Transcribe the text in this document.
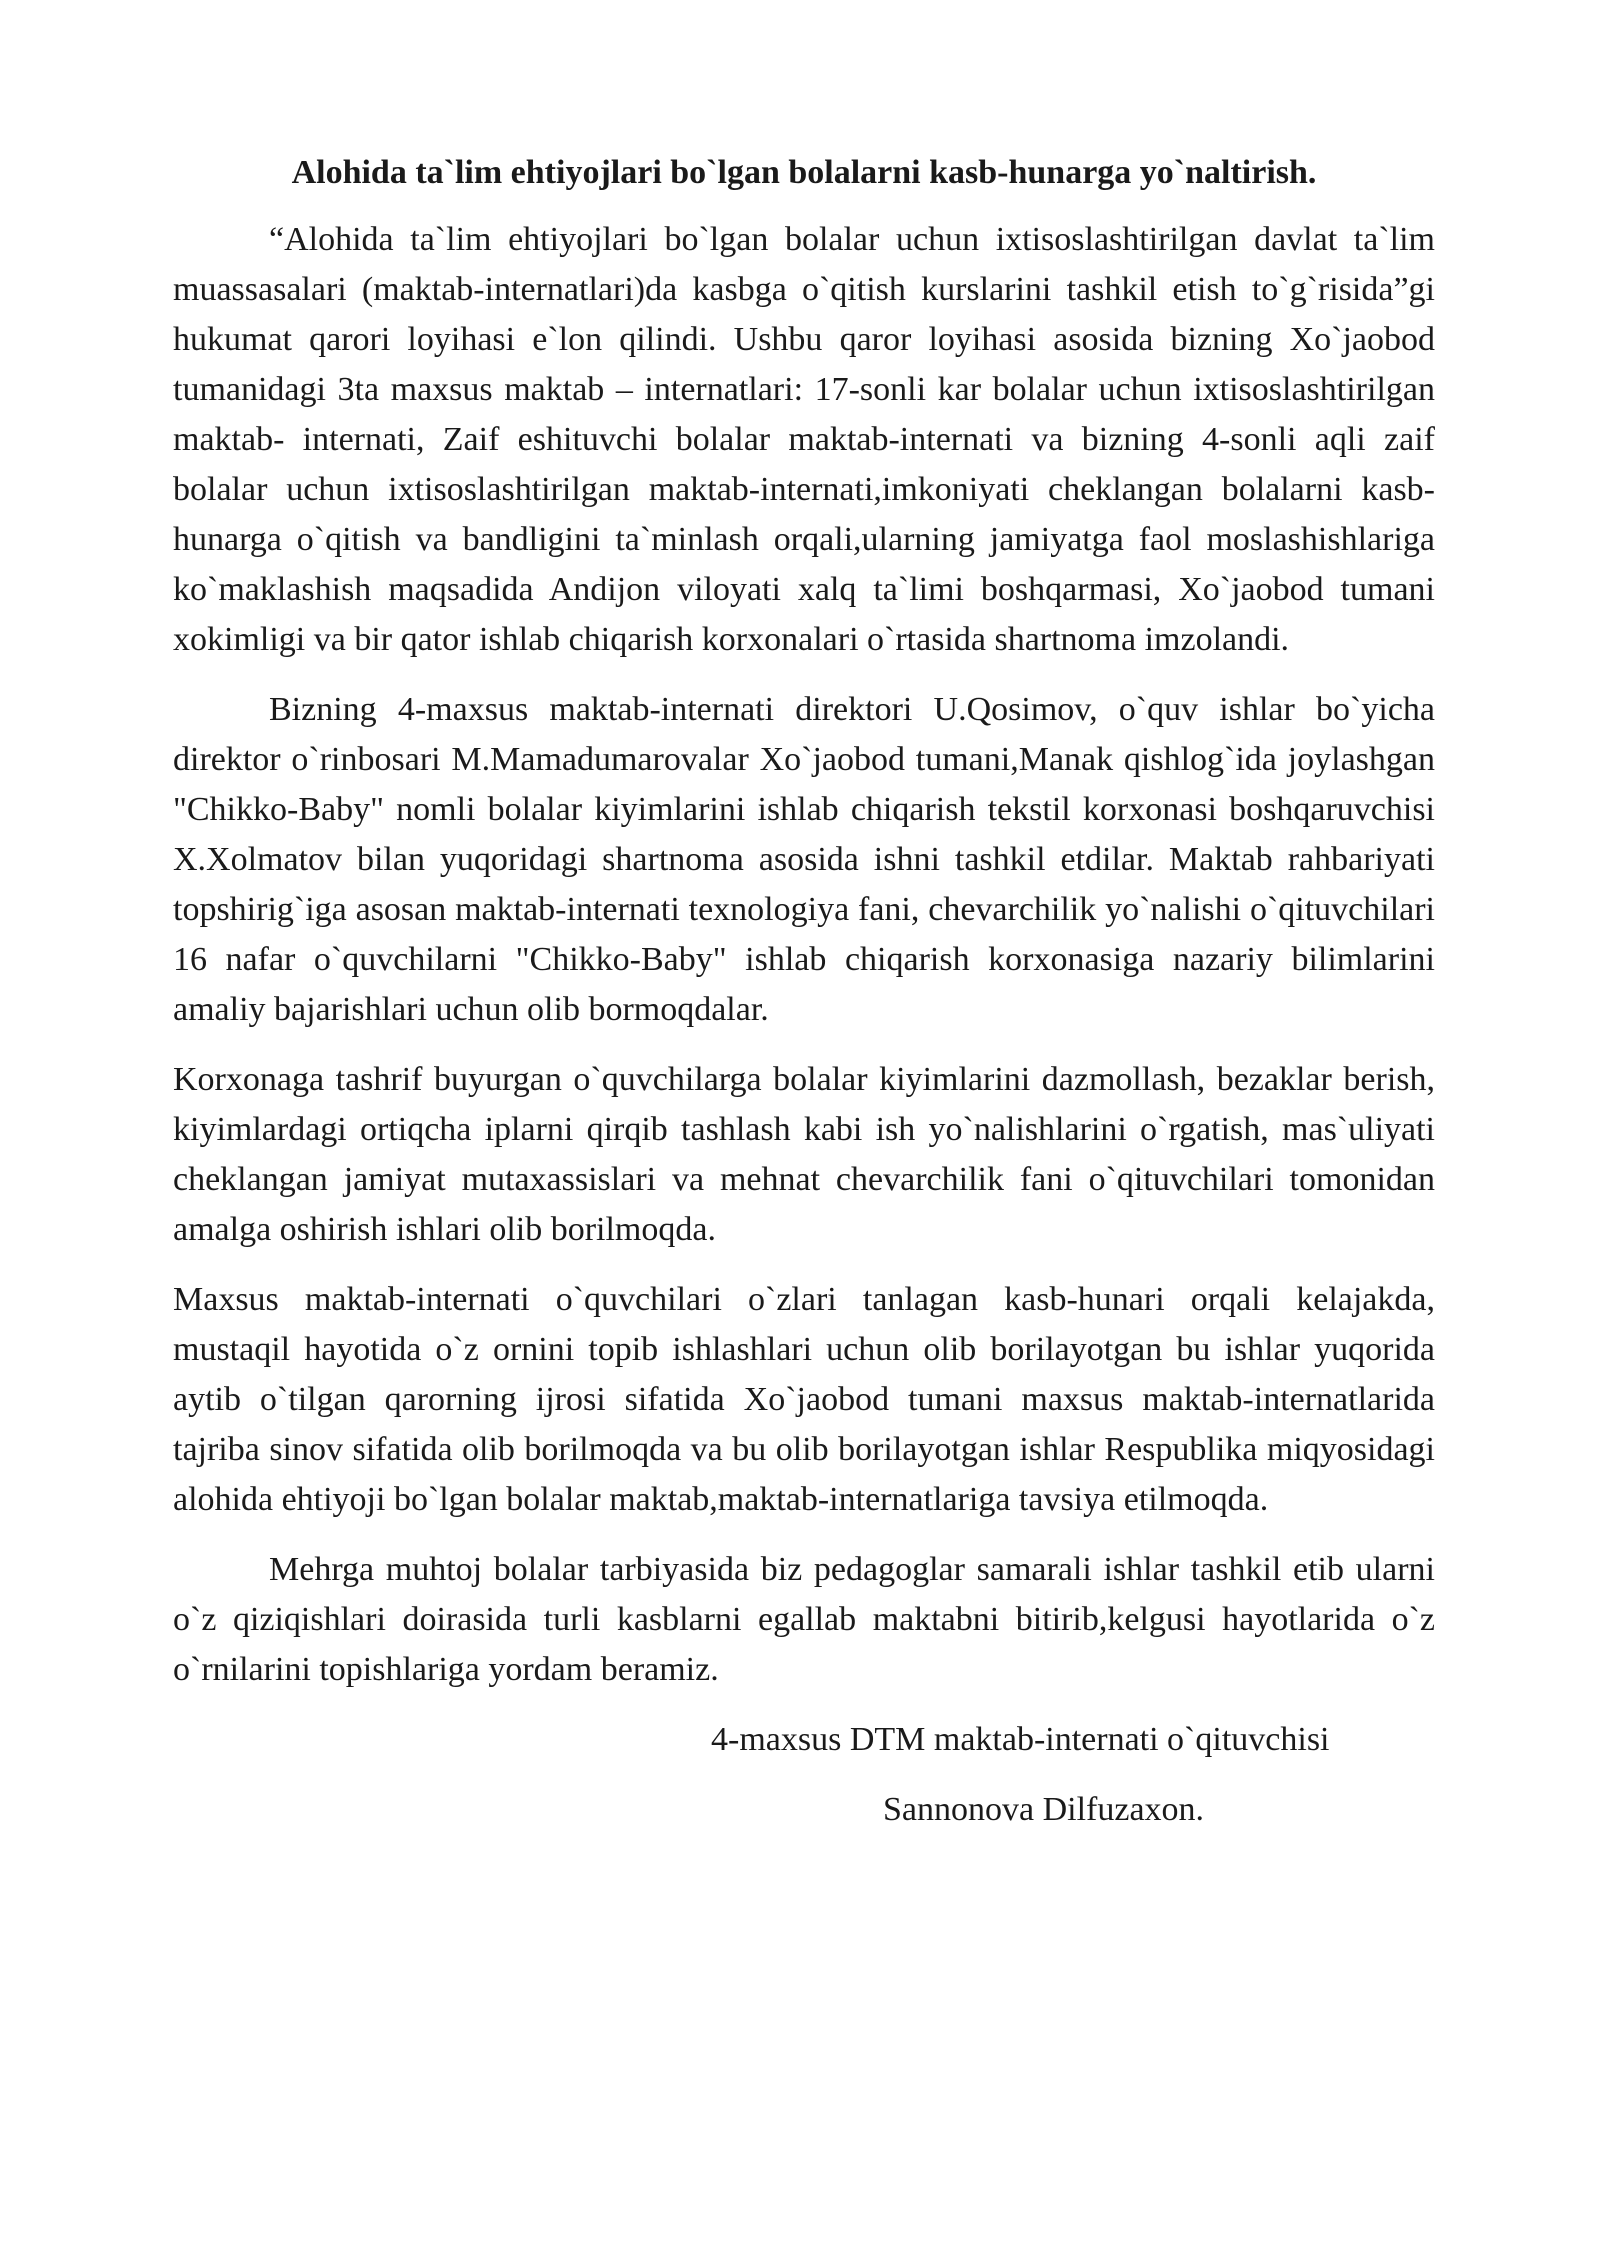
Alohida ta`lim ehtiyojlari bo`lgan bolalarni kasb-hunarga yo`naltirish.

“Alohida ta`lim ehtiyojlari bo`lgan bolalar uchun ixtisoslashtirilgan davlat ta`lim muassasalari (maktab-internatlari)da kasbga o`qitish kurslarini tashkil etish to`g`risida”gi hukumat qarori loyihasi e`lon qilindi. Ushbu qaror loyihasi asosida bizning Xo`jaobod tumanidagi 3ta maxsus maktab – internatlari: 17-sonli kar bolalar uchun ixtisoslashtirilgan maktab- internati, Zaif eshituvchi bolalar maktab-internati va bizning 4-sonli aqli zaif bolalar uchun ixtisoslashtirilgan maktab-internati,imkoniyati cheklangan bolalarni kasb-hunarga o`qitish va bandligini ta`minlash orqali,ularning jamiyatga faol moslashishlariga ko`maklashish maqsadida Andijon viloyati xalq ta`limi boshqarmasi, Xo`jaobod tumani xokimligi va bir qator ishlab chiqarish korxonalari o`rtasida shartnoma imzolandi.

Bizning 4-maxsus maktab-internati direktori U.Qosimov, o`quv ishlar bo`yicha direktor o`rinbosari M.Mamadumarovalar Xo`jaobod tumani,Manak qishlog`ida joylashgan "Chikko-Baby" nomli bolalar kiyimlarini ishlab chiqarish tekstil korxonasi boshqaruvchisi X.Xolmatov bilan yuqoridagi shartnoma asosida ishni tashkil etdilar. Maktab rahbariyati topshirig`iga asosan maktab-internati texnologiya fani, chevarchilik yo`nalishi o`qituvchilari 16 nafar o`quvchilarni "Chikko-Baby" ishlab chiqarish korxonasiga nazariy bilimlarini amaliy bajarishlari uchun olib bormoqdalar.

Korxonaga tashrif buyurgan o`quvchilarga bolalar kiyimlarini dazmollash, bezaklar berish, kiyimlardagi ortiqcha iplarni qirqib tashlash kabi ish yo`nalishlarini o`rgatish, mas`uliyati cheklangan jamiyat mutaxassislari va mehnat chevarchilik fani o`qituvchilari tomonidan amalga oshirish ishlari olib borilmoqda.

Maxsus maktab-internati o`quvchilari o`zlari tanlagan kasb-hunari orqali kelajakda, mustaqil hayotida o`z ornini topib ishlashlari uchun olib borilayotgan bu ishlar yuqorida aytib o`tilgan qarorning ijrosi sifatida Xo`jaobod tumani maxsus maktab-internatlarida tajriba sinov sifatida olib borilmoqda va bu olib borilayotgan ishlar Respublika miqyosidagi alohida ehtiyoji bo`lgan bolalar maktab,maktab-internatlariga tavsiya etilmoqda.

Mehrga muhtoj bolalar tarbiyasida biz pedagoglar samarali ishlar tashkil etib ularni o`z qiziqishlari doirasida turli kasblarni egallab maktabni bitirib,kelgusi hayotlarida o`z o`rnilarini topishlariga yordam beramiz.

4-maxsus DTM maktab-internati o`qituvchisi

Sannonova Dilfuzaxon.
